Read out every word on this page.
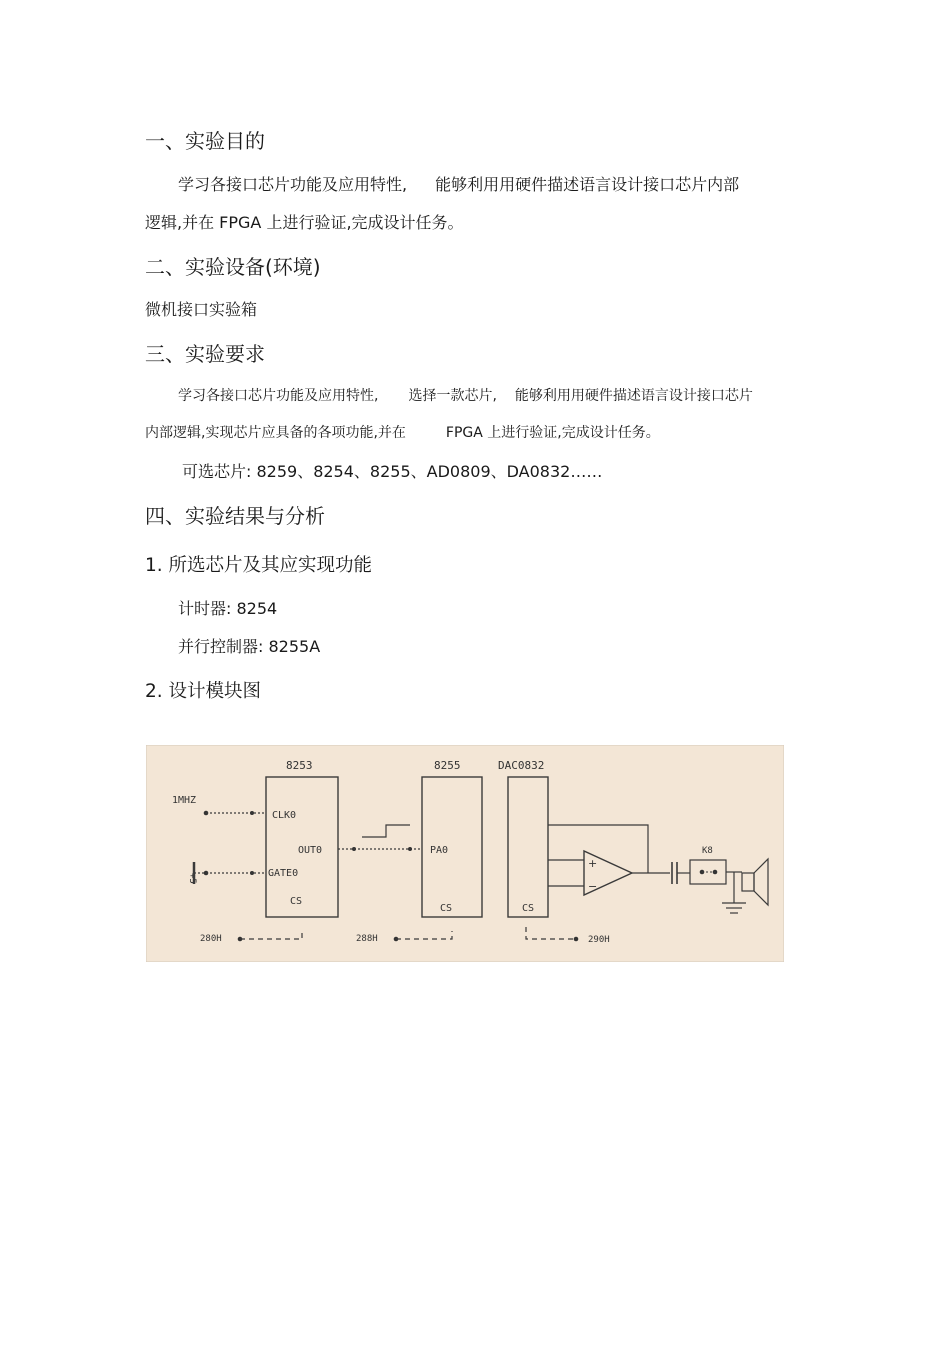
一、实验目的
学习各接口芯片功能及应用特性, 能够利用用硬件描述语言设计接口芯片内部
逻辑,并在 FPGA 上进行验证,完成设计任务。
二、实验设备(环境)
微机接口实验箱
三、实验要求
学习各接口芯片功能及应用特性, 选择一款芯片, 能够利用用硬件描述语言设计接口芯片
内部逻辑,实现芯片应具备的各项功能,并在	FPGA 上进行验证,完成设计任务。
可选芯片: 8259、8254、8255、AD0809、DA0832……
四、实验结果与分析
1. 所选芯片及其应实现功能
计时器: 8254
并行控制器: 8255A
2. 设计模块图
8253
CLK0
OUT0
GATE0
CS
1MHZ
+5
280H
8255
PA0
CS
288H
DAC0832
CS
290H
+
−
K8
